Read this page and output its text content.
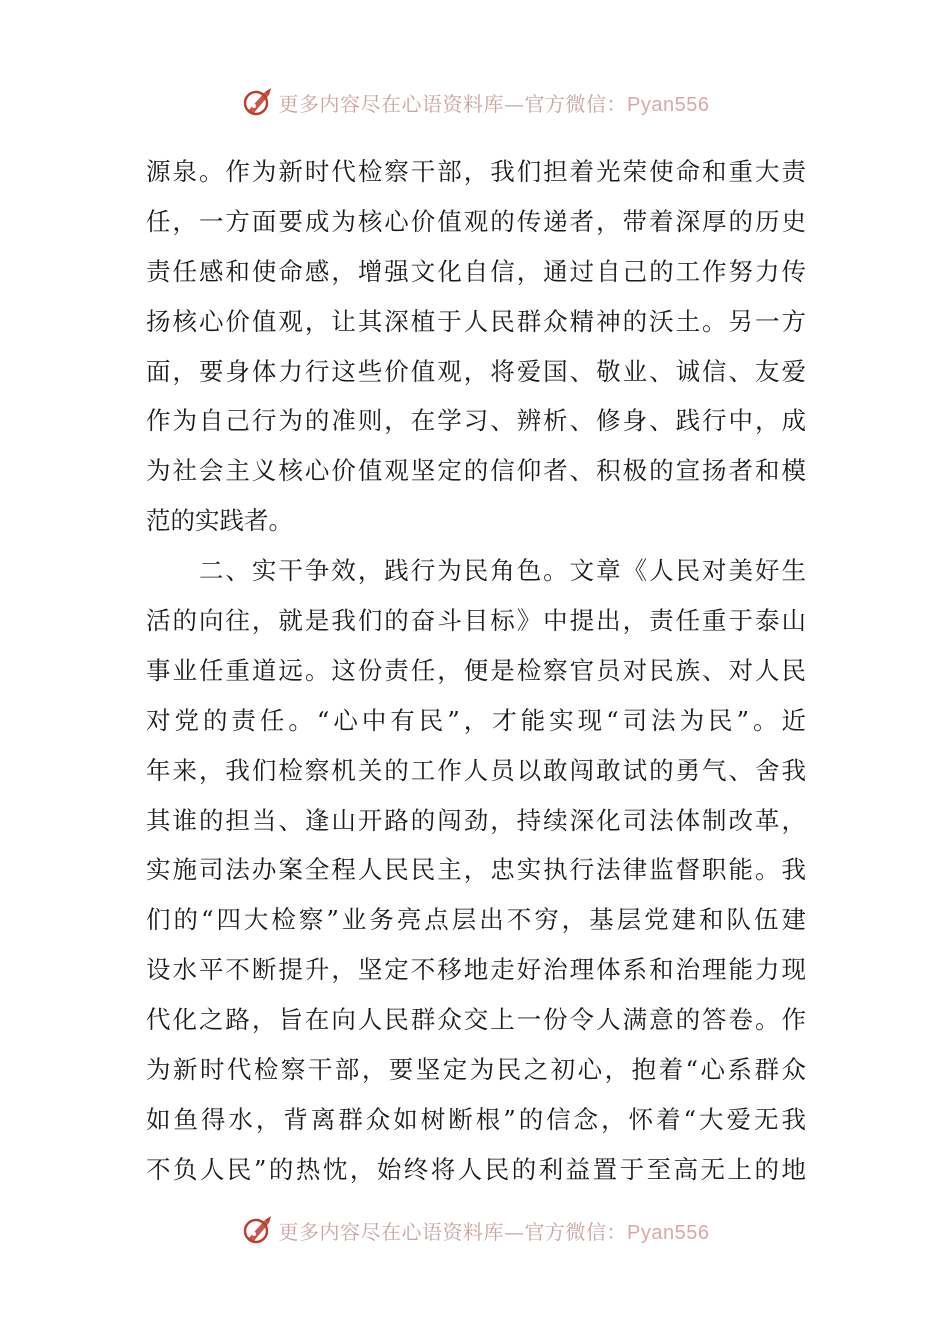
更多内容尽在心语资料库—官方微信：Pyan556
源泉。作为新时代检察干部，我们担着光荣使命和重大责
任，一方面要成为核心价值观的传递者，带着深厚的历史
责任感和使命感，增强文化自信，通过自己的工作努力传
扬核心价值观，让其深植于人民群众精神的沃土。另一方
面，要身体力行这些价值观，将爱国、敬业、诚信、友爱
作为自己行为的准则，在学习、辨析、修身、践行中，成
为社会主义核心价值观坚定的信仰者、积极的宣扬者和模
范的实践者。
　　二、实干争效，践行为民角色。文章《人民对美好生
活的向往，就是我们的奋斗目标》中提出，责任重于泰山
事业任重道远。这份责任，便是检察官员对民族、对人民
对党的责任。“心中有民”，才能实现“司法为民”。近
年来，我们检察机关的工作人员以敢闯敢试的勇气、舍我
其谁的担当、逢山开路的闯劲，持续深化司法体制改革，
实施司法办案全程人民民主，忠实执行法律监督职能。我
们的“四大检察”业务亮点层出不穷，基层党建和队伍建
设水平不断提升，坚定不移地走好治理体系和治理能力现
代化之路，旨在向人民群众交上一份令人满意的答卷。作
为新时代检察干部，要坚定为民之初心，抱着“心系群众
如鱼得水，背离群众如树断根”的信念，怀着“大爱无我
不负人民”的热忱，始终将人民的利益置于至高无上的地
更多内容尽在心语资料库—官方微信：Pyan556
